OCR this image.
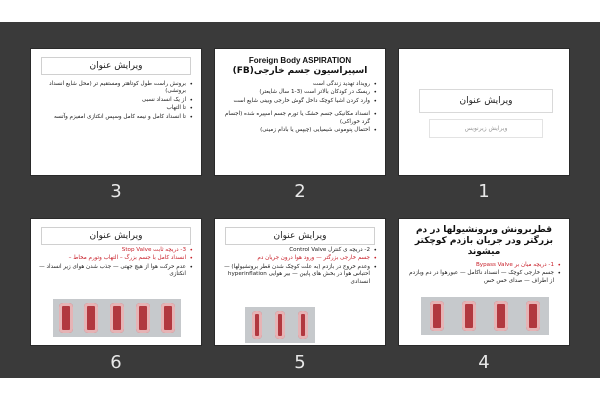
ویرایش عنوان
• برونش راست طول کوتاهتر ومستقیم تر (محل شایع انسداد برونشی)
• از یک انسداد نسبی
• تا التهاب
• تا انسداد کامل و نیمه کامل وسپس انکتازی امفیزم وآتسه
3
Foreign Body ASPIRATION
اسپیراسیون جسم خارجی(FB)
• رویداد تهدید زندگی است
• ریسک در کودکان بالاتر است (3-1 سال شایعتر)
• وارد کردن اشیا کوچک داخل گوش خارجی وبینی شایع است
• انسداد مکانیکی جسم خشک یا تورم جسم اسپیره شده (اجسام گرد خوراکی)
• احتمال پنومونی شیمیایی (چیپس یا بادام زمینی)
2
ویرایش عنوان
ویرایش زیرنویس
1
ویرایش عنوان
• 3- دریچه ثابت Stop Valve
• انسداد کامل با جسم بزرگ – التهاب وتورم مخاط –
• عدم حرکت هوا از هیچ جهتی — جذب شدن هوای زیر انسداد — انکتازی
6
ویرایش عنوان
• 2- دریچه ی کنترل Control Valve
• جسم خارجی بزرگتر — ورود هوا درون جریان دم
• وعدم خروج در بازدم (به علت کوچک شدن قطر برونشیولها) — احتباس هوا در بخش های پایین — بیر هوایی hyperinflation انسدادی
5
قطربرونش وبرونشیولها در دم بزرگتر ودر جریان بازدم کوچکتر میشوند
• 1- دریچه میان بر Bypass Valve
• جسم خارجی کوچک — انسداد ناکامل — عبورهوا در دم وبازدم از اطراف — صدای خس خس
4
